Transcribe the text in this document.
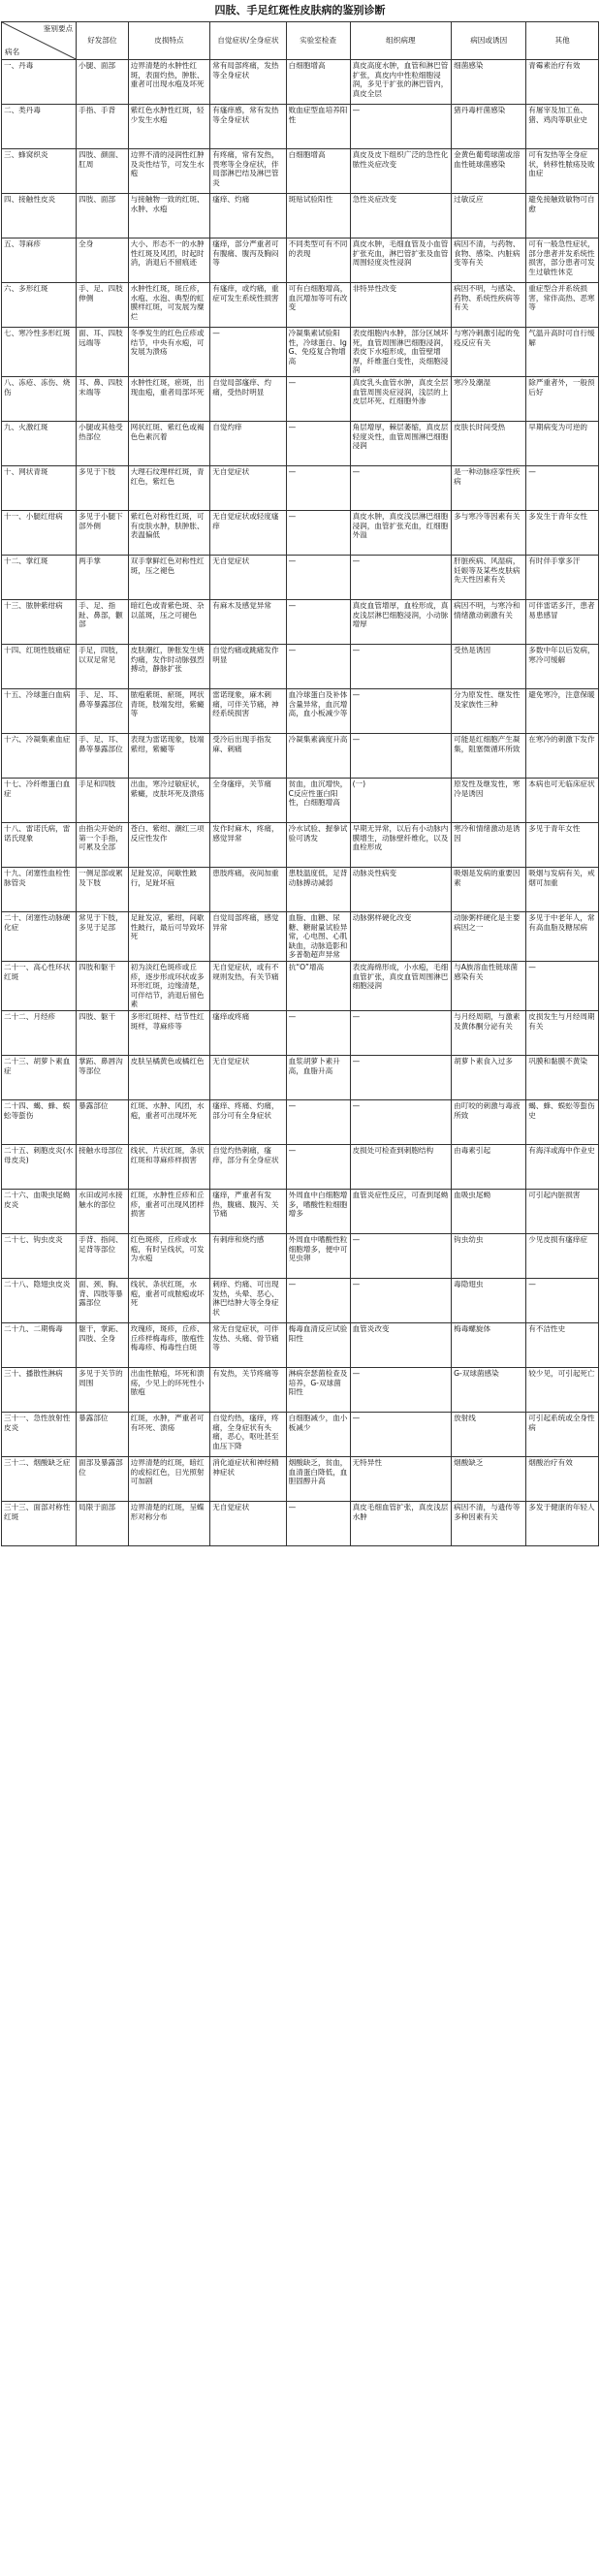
四肢、手足红斑性皮肤病的鉴别诊断
鉴别要点
病名	好发部位	皮损特点	自觉症状/全身症状	实验室检查	组织病理	病因或诱因	其他
一、丹毒	小腿、面部	边界清楚的水肿性红斑，表面灼热，肿胀、重者可出现水疱及坏死	常有局部疼痛，发热等全身症状	白细胞增高	真皮高度水肿，血管和淋巴管扩张，真皮内中性粒细胞浸润，多见于扩张的淋巴管内，真皮全层	细菌感染	青霉素治疗有效
二、类丹毒	手指、手背	紫红色水肿性红斑，轻少发生水疱	有瘙痒感，常有发热等全身症状	败血症型血培养阳性	—	猪丹毒杆菌感染	有屠宰及加工鱼、猪、鸡肉等职业史
三、蜂窝织炎	四肢、颜面、肛周	边界不清的浸润性红肿及炎性结节，可发生水疱	有疼痛，常有发热，畏寒等全身症状，伴局部淋巴结及淋巴管炎	白细胞增高	真皮及皮下组织广泛的急性化脓性炎症改变	金黄色葡萄球菌或溶血性链球菌感染	可有发热等全身症状，转移性脓疡及败血症
四、接触性皮炎	四肢、面部	与接触物一致的红斑、水肿、水疱	瘙痒、灼痛	斑贴试验阳性	急性炎症改变	过敏反应	避免接触致敏物可自愈
五、荨麻疹	全身	大小、形态不一的水肿性红斑及风团，时起时消，消退后不留痕迹	瘙痒，部分严重者可有腹痛、腹泻及胸闷等	不同类型可有不同的表现	真皮水肿，毛细血管及小血管扩张充血，淋巴管扩张及血管周围轻度炎性浸润	病因不清，与药物、食物、感染、内脏病变等有关	可有一般急性症状，部分患者并发系统性损害，部分患者可发生过敏性休克
六、多形红斑	手、足、四肢伸侧	水肿性红斑，斑丘疹，水疱、水泡、典型的虹膜样红斑，可发展为糜烂	有瘙痒，或灼痛，重症可发生系统性损害	可有白细胞增高，血沉增加等可有改变	非特异性改变	病因不明，与感染、药物、系统性疾病等有关	重症型合并系统损害，常伴高热、恶寒等
七、寒冷性多形红斑	面、耳、四肢远端等	冬季发生的红色丘疹或结节，中央有水疱，可发展为溃疡	—	冷凝集素试验阳性，冷球蛋白、IgG、免疫复合物增高	表皮细胞内水肿，部分区域坏死，血管周围淋巴细胞浸润，表皮下水疱形成，血管壁增厚，纤维蛋白变性，炎细胞浸润	与寒冷刺激引起的免疫反应有关	气温升高时可自行缓解
八、冻疮、冻伤、烧伤	耳、鼻、四肢末端等	水肿性红斑，瘀斑，出现血疱，重者局部坏死	自觉局部瘙痒、灼痛，受热时明显	—	真皮乳头血管水肿，真皮全层血管周围炎症浸润，浅层的上皮层坏死、红细胞外渗	寒冷及潮湿	除严重者外，一般预后好
九、火激红斑	小腿或其他受热部位	网状红斑、紫红色或褐色色素沉着	自觉灼痒	—	角层增厚，棘层萎缩，真皮层轻度炎性，血管周围淋巴细胞浸润	皮肤长时间受热	早期病变为可逆的
十、网状青斑	多见于下肢	大理石纹理样红斑，青红色，紫红色	无自觉症状	—	—	是一种动脉痉挛性疾病	—
十一、小腿红绀病	多见于小腿下部外侧	紫红色对称性红斑，可有皮肤水肿，肤肿胀、表温偏低	无自觉症状或轻度瘙痒	—	真皮水肿，真皮浅层淋巴细胞浸润，血管扩张充血，红细胞外溢	多与寒冷等因素有关	多发生于青年女性
十二、掌红斑	两手掌	双手掌鲜红色对称性红斑，压之褪色	无自觉症状	—	—	肝脏疾病、风湿病，妊娠等及某些皮肤病先天性因素有关	有时伴手掌多汗
十三、脓肿紫绀病	手、足、指趾、鼻部，颧部	暗红色或青紫色斑、杂以蓝斑，压之可褪色	有麻木及感觉异常	—	真皮血管增厚，血栓形成，真皮浅层淋巴细胞浸润，小动脉增厚	病因不明，与寒冷和情绪激动刺激有关	可伴雷诺多汗，患者易患感冒
十四、红斑性肢痛症	手足，四肢，以双足常见	皮肤潮红，肿胀发生烧灼痛，发作时动脉强烈搏动，静脉扩张	自觉灼痛或跳痛发作明显	—	—	受热是诱因	多数中年以后发病，寒冷可缓解
十五、冷球蛋白血病	手、足、耳、鼻等暴露部位	脓疱紫斑、瘀斑，网状青斑，肢端发绀，紫癜等	雷诺现象，麻木刺痛，可伴关节痛，神经系统损害	血冷球蛋白及补体含量异常，血沉增高，血小板减少等	—	分为原发性、继发性及家族性三种	避免寒冷，注意保暖
十六、冷凝集素血症	手、足、耳、鼻等暴露部位	表现为雷诺现象，肢端紫绀，紫癜等	受冷后出现手指发麻、刺痛	冷凝集素滴度升高	—	可能是红细胞产生凝集，阻塞微循环所致	在寒冷的刺激下发作
十七、冷纤维蛋白血症	手足和四肢	出血，寒冷过敏症状，紫癜，皮肤坏死及溃疡	全身瘙痒，关节痛	贫血，血沉增快，C反应性蛋白阳性，白细胞增高	(一)	原发性及继发性，寒冷是诱因	本病也可无临床症状
十八、雷诺氏病，雷诺氏现象	由指尖开始的第一个手指，可累及全部	苍白、紫绀、潮红三项反应性发作	发作时麻木，疼痛，感觉异常	冷水试验、握拳试验可诱发	早期无异常，以后有小动脉内膜增生，动脉壁纤维化，以及血栓形成	寒冷和情绪激动是诱因	多见于青年女性
十九、闭塞性血栓性脉管炎	一侧足部或累及下肢	足趾发凉，间歇性跛行，足趾坏疽	患肢疼痛，夜间加重	患肢温度低，足背动脉搏动减弱	动脉炎性病变	吸烟是发病的重要因素	吸烟与发病有关，戒烟可加重
二十、闭塞性动脉硬化症	常见于下肢，多见于足部	足趾发凉，紫绀，间歇性跛行，最后可导致坏死	自觉局部疼痛，感觉异常	血脂、血糖、尿糖、糖耐量试验异常，心电图、心肌缺血，动脉造影和多普勒超声异常	动脉粥样硬化改变	动脉粥样硬化是主要病因之一	多见于中老年人，常有高血脂及糖尿病
二十一、高心性环状红斑	四肢和躯干	初为淡红色斑疹或丘疹，逐步形成环状或多环形红斑，边缘清楚，可伴结节，消退后留色素	无自觉症状，或有不规则发热，有关节痛	抗“O”增高	表皮海绵形成，小水疱，毛细血管扩张，真皮血管周围淋巴细胞浸润	与A族溶血性链球菌感染有关	—
二十二、月经疹	四肢、躯干	多形红斑样、结节性红斑样，荨麻疹等	瘙痒或疼痛	—	—	与月经周期，与激素及黄体酮分泌有关	皮损发生与月经周期有关
二十三、胡萝卜素血症	掌跖、鼻唇沟等部位	皮肤呈橘黄色或橘红色	无自觉症状	血浆胡萝卜素升高，血脂升高	—	胡萝卜素食入过多	巩膜和黏膜不黄染
二十四、蝎、蜂、蜈蚣等蜇伤	暴露部位	红斑、水肿、风团，水疱，重者可出现坏死	瘙痒、疼痛、灼痛，部分可有全身症状	—	—	由叮咬的刺激与毒液所致	蝎、蜂、蜈蚣等蜇伤史
二十五、刺胞皮炎(水母皮炎)	接触水母部位	线状、片状红斑，条状红斑和荨麻疹样损害	自觉灼热刺痛，瘙痒，部分有全身症状	—	皮损处可检查到刺胞结构	由毒素引起	有海洋或海中作业史
二十六、血吸虫尾蚴皮炎	水田或河水接触水的部位	红斑，水肿性丘疹和丘疹，重者可出现风团样损害	瘙痒，严重者有发热，腹痛、腹泻、关节痛	外周血中白细胞增多，嗜酸性粒细胞增多	血管炎症性反应，可查到尾蚴	血吸虫尾蚴	可引起内脏损害
二十七、钩虫皮炎	手背、指间、足背等部位	红色斑疹，丘疹或水疱，有时呈线状，可发为水疱	有刺痒和烧灼感	外周血中嗜酸性粒细胞增多，便中可见虫卵	—	钩虫幼虫	少见皮损有瘙痒症
二十八、隐翅虫皮炎	面、颈、胸、背、四肢等暴露部位	线状、条状红斑，水疱，重者可成脓疱或坏死	刺痒、灼痛、可出现发热，头晕、恶心、淋巴结肿大等全身症状	—	—	毒隐翅虫	—
二十九、二期梅毒	躯干，掌跖、四肢、全身	玫瑰疹，斑疹，丘疹、丘疹样梅毒疹，脓疱性梅毒疹、梅毒性白斑	常无自觉症状，可伴发热、头痛、骨节痛等	梅毒血清反应试验阳性	血管炎改变	梅毒螺旋体	有不洁性史
三十、播散性淋病	多见于关节的周围	出血性脓疱，坏死和溃疡，少见上的环死性小脓疱	有发热，关节疼痛等	淋病奈瑟菌检查及培养，G-双球菌阳性	—	G-双球菌感染	较少见，可引起死亡
三十一、急性放射性皮炎	暴露部位	红斑，水肿，严重者可有坏死、溃疡	自觉灼热，瘙痒，疼痛，全身症状有头痛，恶心，呕吐甚至血压下降	白细胞减少，血小板减少	—	放射线	可引起系统或全身性病
三十二、烟酸缺乏症	面部及暴露部位	边界清楚的红斑，暗红的或棕红色，日光照射可加剧	消化道症状和神经精神症状	烟酸缺乏，贫血，血清蛋白降低，血胆固醇升高	无特异性	烟酸缺乏	烟酸治疗有效
三十三、面部对称性红斑	局限于面部	边界清楚的红斑，呈蝶形对称分布	无自觉症状	—	真皮毛细血管扩张，真皮浅层水肿	病因不清，与遗传等多种因素有关	多发于健康的年轻人
